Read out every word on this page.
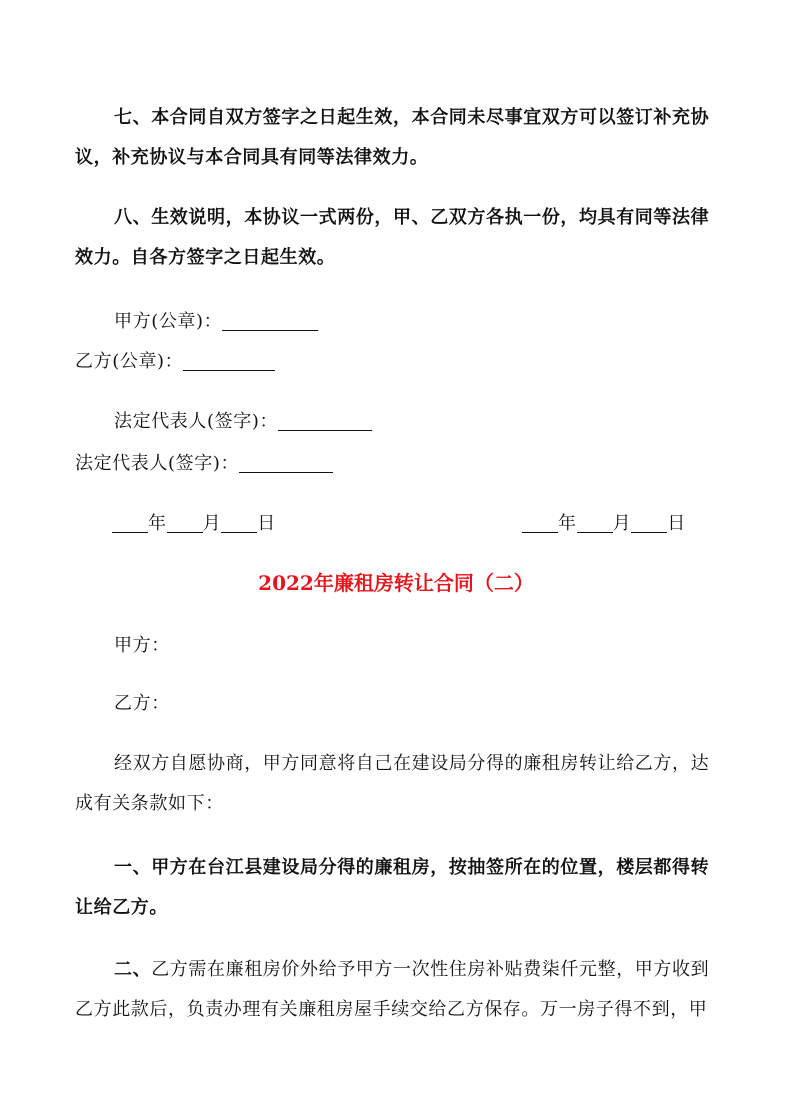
七、本合同自双方签字之日起生效，本合同未尽事宜双方可以签订补充协
议，补充协议与本合同具有同等法律效力。
八、生效说明，本协议一式两份，甲、乙双方各执一份，均具有同等法律
效力。自各方签字之日起生效。
甲方(公章)：
乙方(公章)：
法定代表人(签字)：
法定代表人(签字)：
年 月 日	年 月 日
2022年廉租房转让合同（二）
甲方：
乙方：
经双方自愿协商，甲方同意将自己在建设局分得的廉租房转让给乙方，达
成有关条款如下：
一、甲方在台江县建设局分得的廉租房，按抽签所在的位置，楼层都得转
让给乙方。
二、乙方需在廉租房价外给予甲方一次性住房补贴费柒仟元整，甲方收到
乙方此款后，负责办理有关廉租房屋手续交给乙方保存。万一房子得不到，甲
